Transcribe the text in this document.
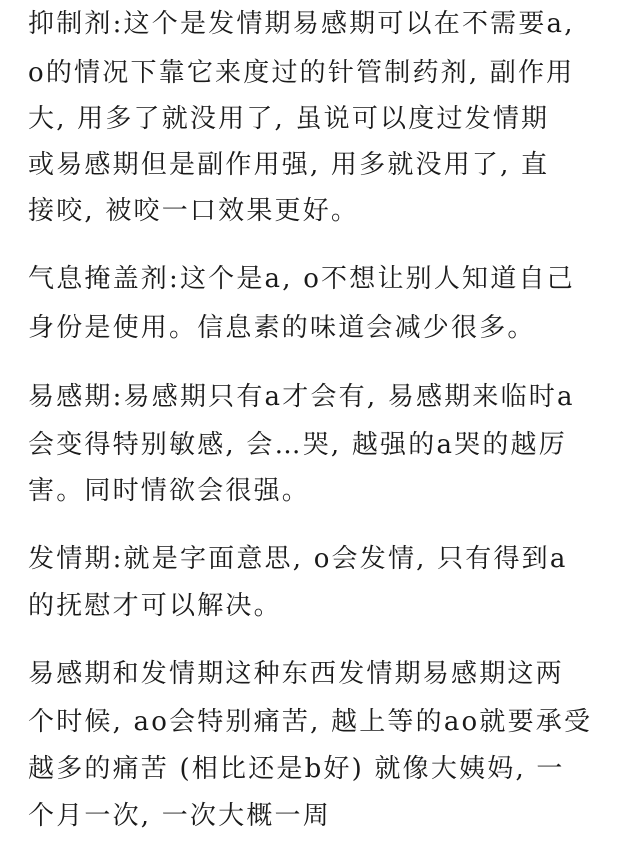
抑制剂:这个是发情期易感期可以在不需要a,
o的情况下靠它来度过的针管制药剂, 副作用
大, 用多了就没用了, 虽说可以度过发情期
或易感期但是副作用强, 用多就没用了, 直
接咬, 被咬一口效果更好。
气息掩盖剂:这个是a, o不想让别人知道自己
身份是使用。信息素的味道会减少很多。
易感期:易感期只有a才会有, 易感期来临时a
会变得特别敏感, 会…哭, 越强的a哭的越厉
害。同时情欲会很强。
发情期:就是字面意思, o会发情, 只有得到a
的抚慰才可以解决。
易感期和发情期这种东西发情期易感期这两
个时候, ao会特别痛苦, 越上等的ao就要承受
越多的痛苦 (相比还是b好) 就像大姨妈, 一
个月一次, 一次大概一周
